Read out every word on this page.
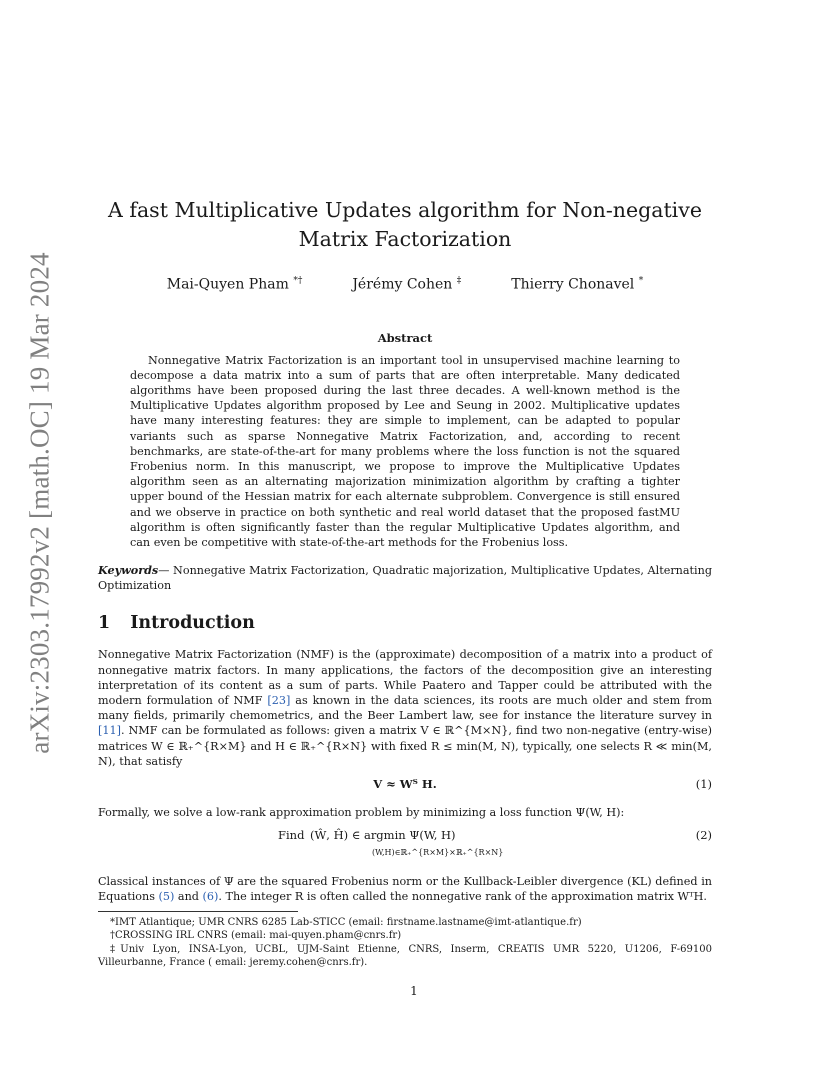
arXiv:2303.17992v2 [math.OC] 19 Mar 2024
A fast Multiplicative Updates algorithm for Non-negative Matrix Factorization
Mai-Quyen Pham *†	Jérémy Cohen ‡	Thierry Chonavel *
Abstract
Nonnegative Matrix Factorization is an important tool in unsupervised machine learning to decompose a data matrix into a sum of parts that are often interpretable. Many dedicated algorithms have been proposed during the last three decades. A well-known method is the Multiplicative Updates algorithm proposed by Lee and Seung in 2002. Multiplicative updates have many interesting features: they are simple to implement, can be adapted to popular variants such as sparse Nonnegative Matrix Factorization, and, according to recent benchmarks, are state-of-the-art for many problems where the loss function is not the squared Frobenius norm. In this manuscript, we propose to improve the Multiplicative Updates algorithm seen as an alternating majorization minimization algorithm by crafting a tighter upper bound of the Hessian matrix for each alternate subproblem. Convergence is still ensured and we observe in practice on both synthetic and real world dataset that the proposed fastMU algorithm is often significantly faster than the regular Multiplicative Updates algorithm, and can even be competitive with state-of-the-art methods for the Frobenius loss.
Keywords— Nonnegative Matrix Factorization, Quadratic majorization, Multiplicative Updates, Alternating Optimization
1 Introduction
Nonnegative Matrix Factorization (NMF) is the (approximate) decomposition of a matrix into a product of nonnegative matrix factors. In many applications, the factors of the decomposition give an interesting interpretation of its content as a sum of parts. While Paatero and Tapper could be attributed with the modern formulation of NMF [23] as known in the data sciences, its roots are much older and stem from many fields, primarily chemometrics, and the Beer Lambert law, see for instance the literature survey in [11]. NMF can be formulated as follows: given a matrix V ∈ ℝ^{M×N}, find two non-negative (entry-wise) matrices W ∈ ℝ₊^{R×M} and H ∈ ℝ₊^{R×N} with fixed R ≤ min(M, N), typically, one selects R ≪ min(M, N), that satisfy
V ≈ Wᵀ H.	(1)
Formally, we solve a low-rank approximation problem by minimizing a loss function Ψ(W, H):
Find (Ŵ, Ĥ) ∈ argmin Ψ(W, H)
(W,H)∈ℝ₊^{R×M}×ℝ₊^{R×N}
(2)
Classical instances of Ψ are the squared Frobenius norm or the Kullback-Leibler divergence (KL) defined in Equations (5) and (6). The integer R is often called the nonnegative rank of the approximation matrix WᵀH.
*IMT Atlantique; UMR CNRS 6285 Lab-STICC (email: firstname.lastname@imt-atlantique.fr)
†CROSSING IRL CNRS (email: mai-quyen.pham@cnrs.fr)
‡Univ Lyon, INSA-Lyon, UCBL, UJM-Saint Etienne, CNRS, Inserm, CREATIS UMR 5220, U1206, F-69100 Villeurbanne, France ( email: jeremy.cohen@cnrs.fr).
1
